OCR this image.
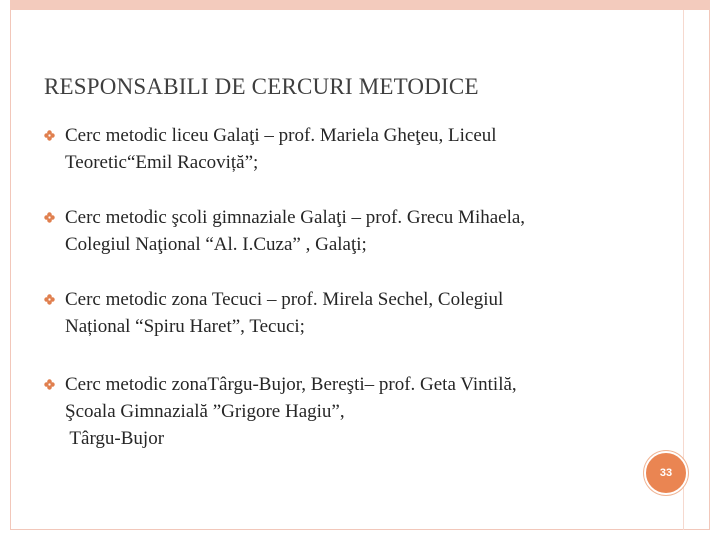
RESPONSABILI DE CERCURI METODICE
Cerc metodic liceu Galaţi – prof. Mariela Gheţeu, Liceul
Teoretic“Emil Racoviță”;
Cerc metodic şcoli gimnaziale Galaţi – prof. Grecu Mihaela,
Colegiul Naţional “Al. I.Cuza” , Galaţi;
Cerc metodic zona Tecuci – prof. Mirela Sechel, Colegiul
Național “Spiru Haret”, Tecuci;
Cerc metodic zonaTârgu-Bujor, Bereşti– prof. Geta Vintilă,
Şcoala Gimnazială ”Grigore Hagiu”,
Târgu-Bujor
33
